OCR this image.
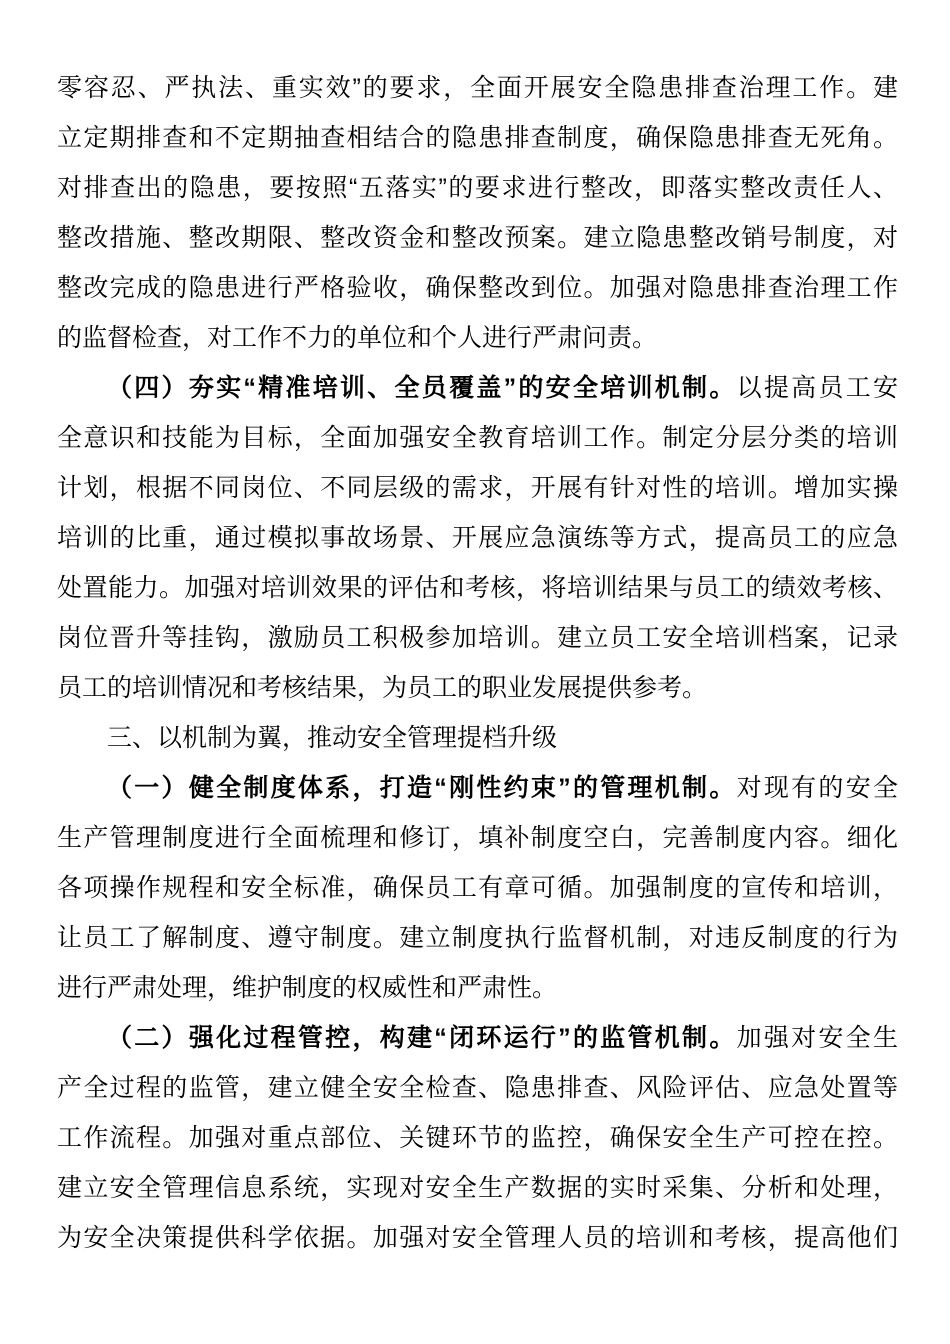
零容忍、严执法、重实效”的要求，全面开展安全隐患排查治理工作。建
立定期排查和不定期抽查相结合的隐患排查制度，确保隐患排查无死角。
对排查出的隐患，要按照“五落实”的要求进行整改，即落实整改责任人、
整改措施、整改期限、整改资金和整改预案。建立隐患整改销号制度，对
整改完成的隐患进行严格验收，确保整改到位。加强对隐患排查治理工作
的监督检查，对工作不力的单位和个人进行严肃问责。
（四）夯实“精准培训、全员覆盖”的安全培训机制。以提高员工安
全意识和技能为目标，全面加强安全教育培训工作。制定分层分类的培训
计划，根据不同岗位、不同层级的需求，开展有针对性的培训。增加实操
培训的比重，通过模拟事故场景、开展应急演练等方式，提高员工的应急
处置能力。加强对培训效果的评估和考核，将培训结果与员工的绩效考核、
岗位晋升等挂钩，激励员工积极参加培训。建立员工安全培训档案，记录
员工的培训情况和考核结果，为员工的职业发展提供参考。
三、以机制为翼，推动安全管理提档升级
（一）健全制度体系，打造“刚性约束”的管理机制。对现有的安全
生产管理制度进行全面梳理和修订，填补制度空白，完善制度内容。细化
各项操作规程和安全标准，确保员工有章可循。加强制度的宣传和培训，
让员工了解制度、遵守制度。建立制度执行监督机制，对违反制度的行为
进行严肃处理，维护制度的权威性和严肃性。
（二）强化过程管控，构建“闭环运行”的监管机制。加强对安全生
产全过程的监管，建立健全安全检查、隐患排查、风险评估、应急处置等
工作流程。加强对重点部位、关键环节的监控，确保安全生产可控在控。
建立安全管理信息系统，实现对安全生产数据的实时采集、分析和处理，
为安全决策提供科学依据。加强对安全管理人员的培训和考核，提高他们
